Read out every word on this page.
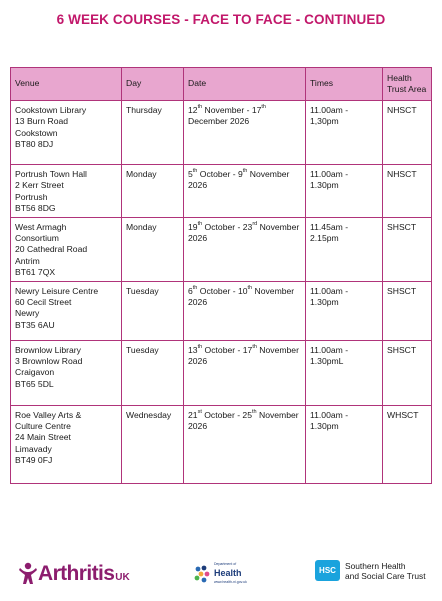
6 WEEK COURSES - FACE TO FACE - CONTINUED
Venue	Day	Date	Times	Health Trust Area

Cookstown Library
13 Burn Road
Cookstown
BT80 8DJ	Thursday	12th November - 17th December 2026	11.00am -
1,30pm	NHSCT

Portrush Town Hall
2 Kerr Street
Portrush
BT56 8DG	Monday	5th October - 9th November 2026	11.00am -
1.30pm	NHSCT

West Armagh
Consortium
20 Cathedral Road
Antrim
BT61 7QX	Monday	19th October - 23rd November 2026	11.45am -
2.15pm	SHSCT

Newry Leisure Centre
60 Cecil Street
Newry
BT35 6AU	Tuesday	6th October - 10th November 2026	11.00am -
1.30pm	SHSCT

Brownlow Library
3 Brownlow Road
Craigavon
BT65 5DL	Tuesday	13th October - 17th November 2026	11.00am -
1.30pmL	SHSCT

Roe Valley Arts &
Culture Centre
24 Main Street
Limavady
BT49 0FJ	Wednesday	21st October - 25th November 2026	11.00am -
1.30pm	WHSCT
Arthritis UK
Department of
Health
www.health-ni.gov.uk
HSC	Southern Health
and Social Care Trust
